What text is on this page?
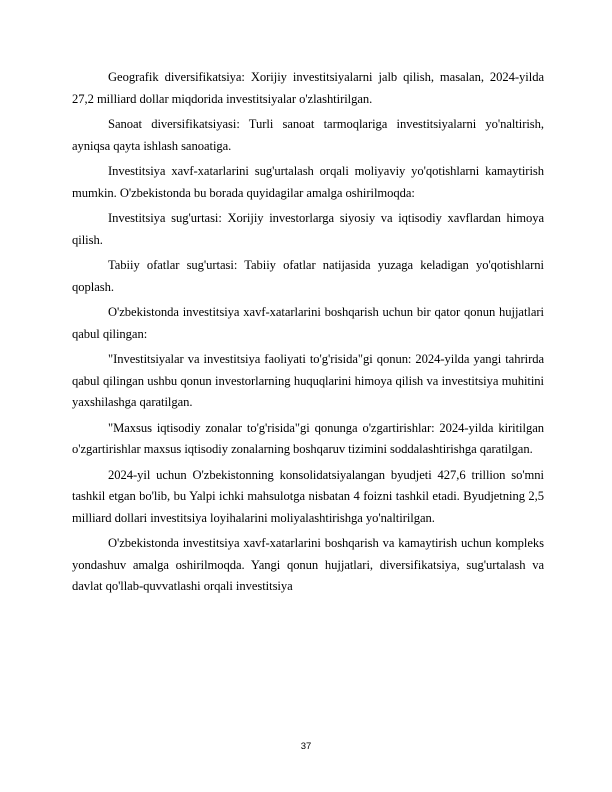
Geografik diversifikatsiya: Xorijiy investitsiyalarni jalb qilish, masalan, 2024-yilda 27,2 milliard dollar miqdorida investitsiyalar o'zlashtirilgan.

Sanoat diversifikatsiyasi: Turli sanoat tarmoqlariga investitsiyalarni yo'naltirish, ayniqsa qayta ishlash sanoatiga.

Investitsiya xavf-xatarlarini sug'urtalash orqali moliyaviy yo'qotishlarni kamaytirish mumkin. O'zbekistonda bu borada quyidagilar amalga oshirilmoqda:

Investitsiya sug'urtasi: Xorijiy investorlarga siyosiy va iqtisodiy xavflardan himoya qilish.

Tabiiy ofatlar sug'urtasi: Tabiiy ofatlar natijasida yuzaga keladigan yo'qotishlarni qoplash.

O'zbekistonda investitsiya xavf-xatarlarini boshqarish uchun bir qator qonun hujjatlari qabul qilingan:

"Investitsiyalar va investitsiya faoliyati to'g'risida"gi qonun: 2024-yilda yangi tahrirda qabul qilingan ushbu qonun investorlarning huquqlarini himoya qilish va investitsiya muhitini yaxshilashga qaratilgan.

"Maxsus iqtisodiy zonalar to'g'risida"gi qonunga o'zgartirishlar: 2024-yilda kiritilgan o'zgartirishlar maxsus iqtisodiy zonalarning boshqaruv tizimini soddalashtirishga qaratilgan.

2024-yil uchun O'zbekistonning konsolidatsiyalangan byudjeti 427,6 trillion so'mni tashkil etgan bo'lib, bu Yalpi ichki mahsulotga nisbatan 4 foizni tashkil etadi. Byudjetning 2,5 milliard dollari investitsiya loyihalarini moliyalashtirishga yo'naltirilgan.

O'zbekistonda investitsiya xavf-xatarlarini boshqarish va kamaytirish uchun kompleks yondashuv amalga oshirilmoqda. Yangi qonun hujjatlari, diversifikatsiya, sug'urtalash va davlat qo'llab-quvvatlashi orqali investitsiya

37
